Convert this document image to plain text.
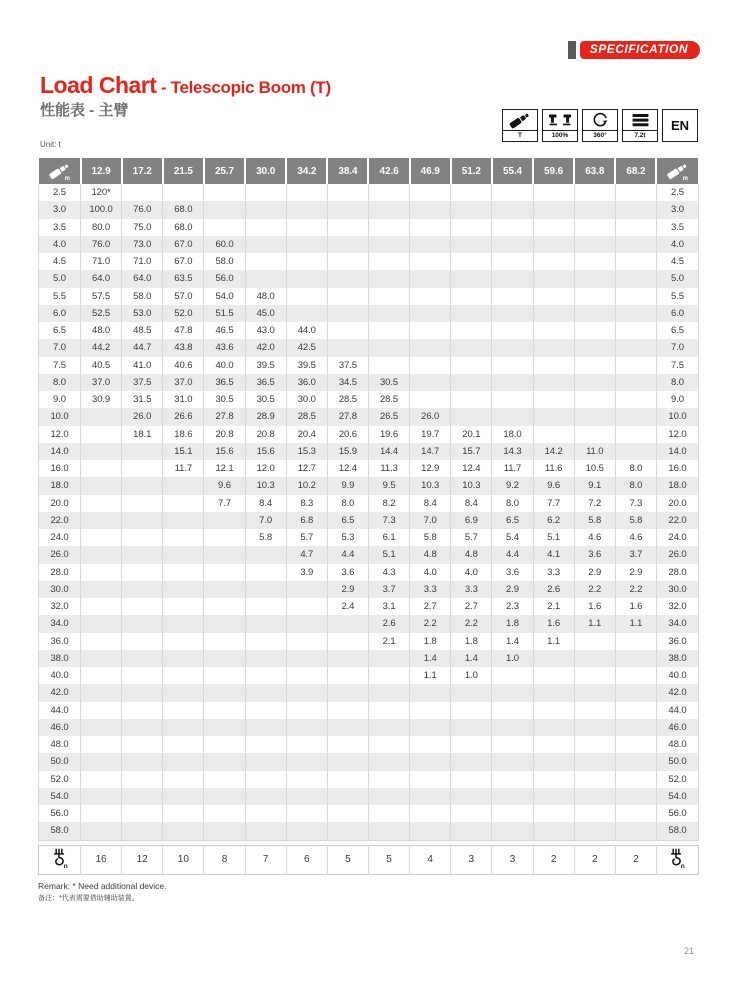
SPECIFICATION
Load Chart - Telescopic Boom (T)
性能表 - 主臂
Unit: t
T	100%	360°	7.2t
EN
m	12.9	17.2	21.5	25.7	30.0	34.2	38.4	42.6	46.9	51.2	55.4	59.6	63.8	68.2	m

2.5	120*														2.5
3.0	100.0	76.0	68.0												3.0
3.5	80.0	75.0	68.0												3.5
4.0	76.0	73.0	67.0	60.0											4.0
4.5	71.0	71.0	67.0	58.0											4.5
5.0	64.0	64.0	63.5	56.0											5.0
5.5	57.5	58.0	57.0	54.0	48.0										5.5
6.0	52.5	53.0	52.0	51.5	45.0										6.0
6.5	48.0	48.5	47.8	46.5	43.0	44.0									6.5
7.0	44.2	44.7	43.8	43.6	42.0	42.5									7.0
7.5	40.5	41.0	40.6	40.0	39.5	39.5	37.5								7.5
8.0	37.0	37.5	37.0	36.5	36.5	36.0	34.5	30.5							8.0
9.0	30.9	31.5	31.0	30.5	30.5	30.0	28.5	28.5							9.0
10.0		26.0	26.6	27.8	28.9	28.5	27.8	26.5	26.0						10.0
12.0		18.1	18.6	20.8	20.8	20.4	20.6	19.6	19.7	20.1	18.0				12.0
14.0			15.1	15.6	15.6	15.3	15.9	14.4	14.7	15.7	14.3	14.2	11.0		14.0
16.0			11.7	12.1	12.0	12.7	12.4	11.3	12.9	12.4	11.7	11.6	10.5	8.0	16.0
18.0				9.6	10.3	10.2	9.9	9.5	10.3	10.3	9.2	9.6	9.1	8.0	18.0
20.0				7.7	8.4	8.3	8.0	8.2	8.4	8.4	8.0	7.7	7.2	7.3	20.0
22.0					7.0	6.8	6.5	7.3	7.0	6.9	6.5	6.2	5.8	5.8	22.0
24.0					5.8	5.7	5.3	6.1	5.8	5.7	5.4	5.1	4.6	4.6	24.0
26.0						4.7	4.4	5.1	4.8	4.8	4.4	4.1	3.6	3.7	26.0
28.0						3.9	3.6	4.3	4.0	4.0	3.6	3.3	2.9	2.9	28.0
30.0							2.9	3.7	3.3	3.3	2.9	2.6	2.2	2.2	30.0
32.0							2.4	3.1	2.7	2.7	2.3	2.1	1.6	1.6	32.0
34.0								2.6	2.2	2.2	1.8	1.6	1.1	1.1	34.0
36.0								2.1	1.8	1.8	1.4	1.1			36.0
38.0									1.4	1.4	1.0				38.0
40.0									1.1	1.0					40.0
42.0															42.0
44.0															44.0
46.0															46.0
48.0															48.0
50.0															50.0
52.0															52.0
54.0															54.0
56.0															56.0
58.0															58.0
n
	16	12	10	8	7	6	5	5	4	3	3	2	2	2	
n
Remark: * Need additional device.
备注：*代表需要借助辅助装置。
21
